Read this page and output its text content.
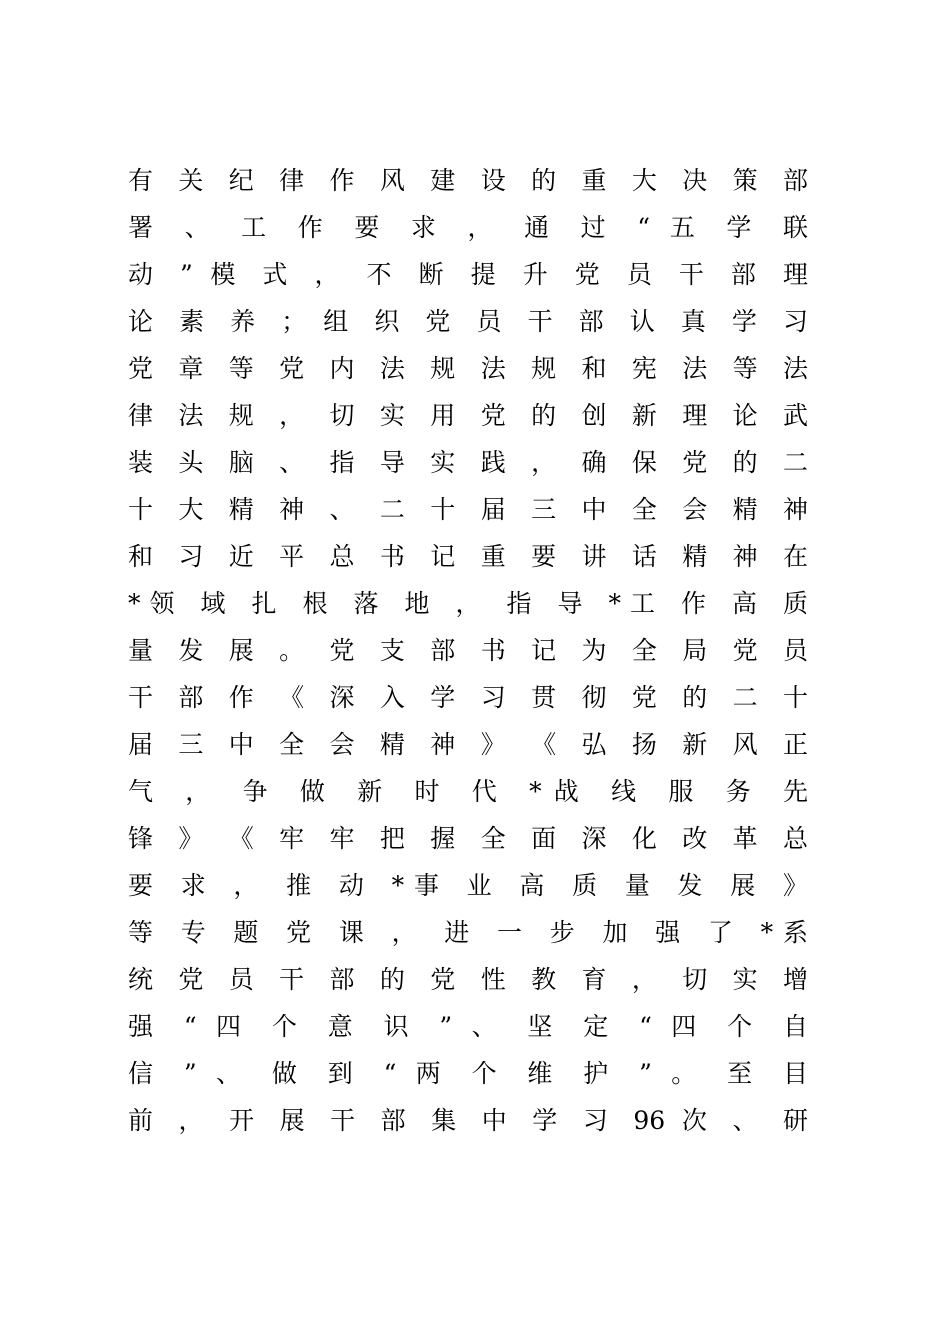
有 关 纪 律 作 风 建 设 的 重 大 决 策 部
署 、 工 作 要 求 ， 通 过 “ 五 学 联
动 ” 模 式 ， 不 断 提 升 党 员 干 部 理
论 素 养 ； 组 织 党 员 干 部 认 真 学 习
党 章 等 党 内 法 规 法 规 和 宪 法 等 法
律 法 规 ， 切 实 用 党 的 创 新 理 论 武
装 头 脑 、 指 导 实 践 ， 确 保 党 的 二
十 大 精 神 、 二 十 届 三 中 全 会 精 神
和 习 近 平 总 书 记 重 要 讲 话 精 神 在
*领 域 扎 根 落 地 ， 指 导 *工 作 高 质
量 发 展 。 党 支 部 书 记 为 全 局 党 员
干 部 作 《 深 入 学 习 贯 彻 党 的 二 十
届 三 中 全 会 精 神 》 《 弘 扬 新 风 正
气 ， 争 做 新 时 代 *战 线 服 务 先
锋 》 《 牢 牢 把 握 全 面 深 化 改 革 总
要 求 ， 推 动 *事 业 高 质 量 发 展 》
等 专 题 党 课 ， 进 一 步 加 强 了 *系
统 党 员 干 部 的 党 性 教 育 ， 切 实 增
强 “ 四 个 意 识 ” 、 坚 定 “ 四 个 自
信 ” 、 做 到 “ 两 个 维 护 ” 。 至 目
前 ， 开 展 干 部 集 中 学 习 96 次 、 研
